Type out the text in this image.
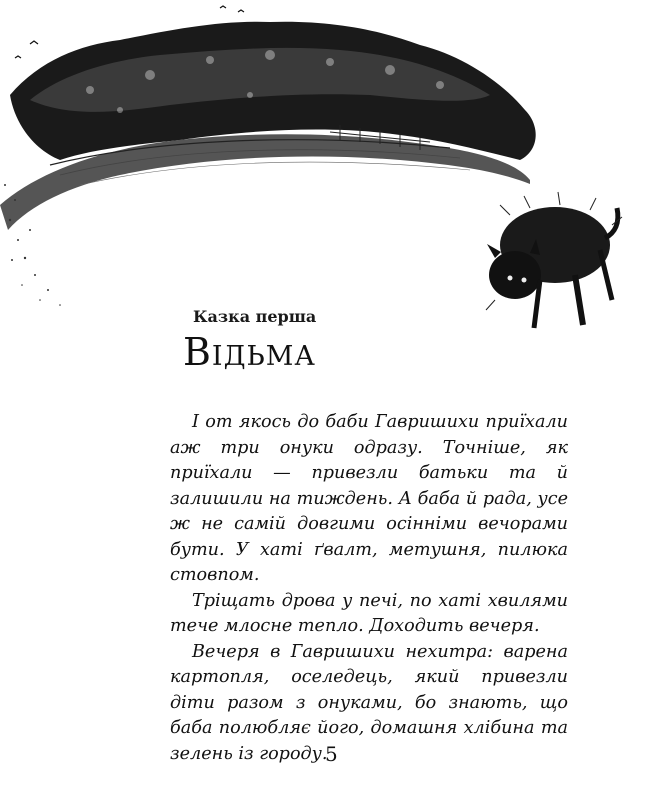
Казка перша
Відьма

І от якось до баби Гавришихи приїхали аж три онуки одразу. Точніше, як приїхали — привезли батьки та й залишили на тиждень. А баба й рада, усе ж не самій довгими осінніми вечорами бути. У хаті ґвалт, метушня, пилюка стовпом.

Тріщать дрова у печі, по хаті хвилями тече млосне тепло. Доходить вечеря.

Вечеря в Гавришихи нехитра: варена картопля, оселедець, який привезли діти разом з онуками, бо знають, що баба полюбляє його, домашня хлібина та зелень із городу.

5
